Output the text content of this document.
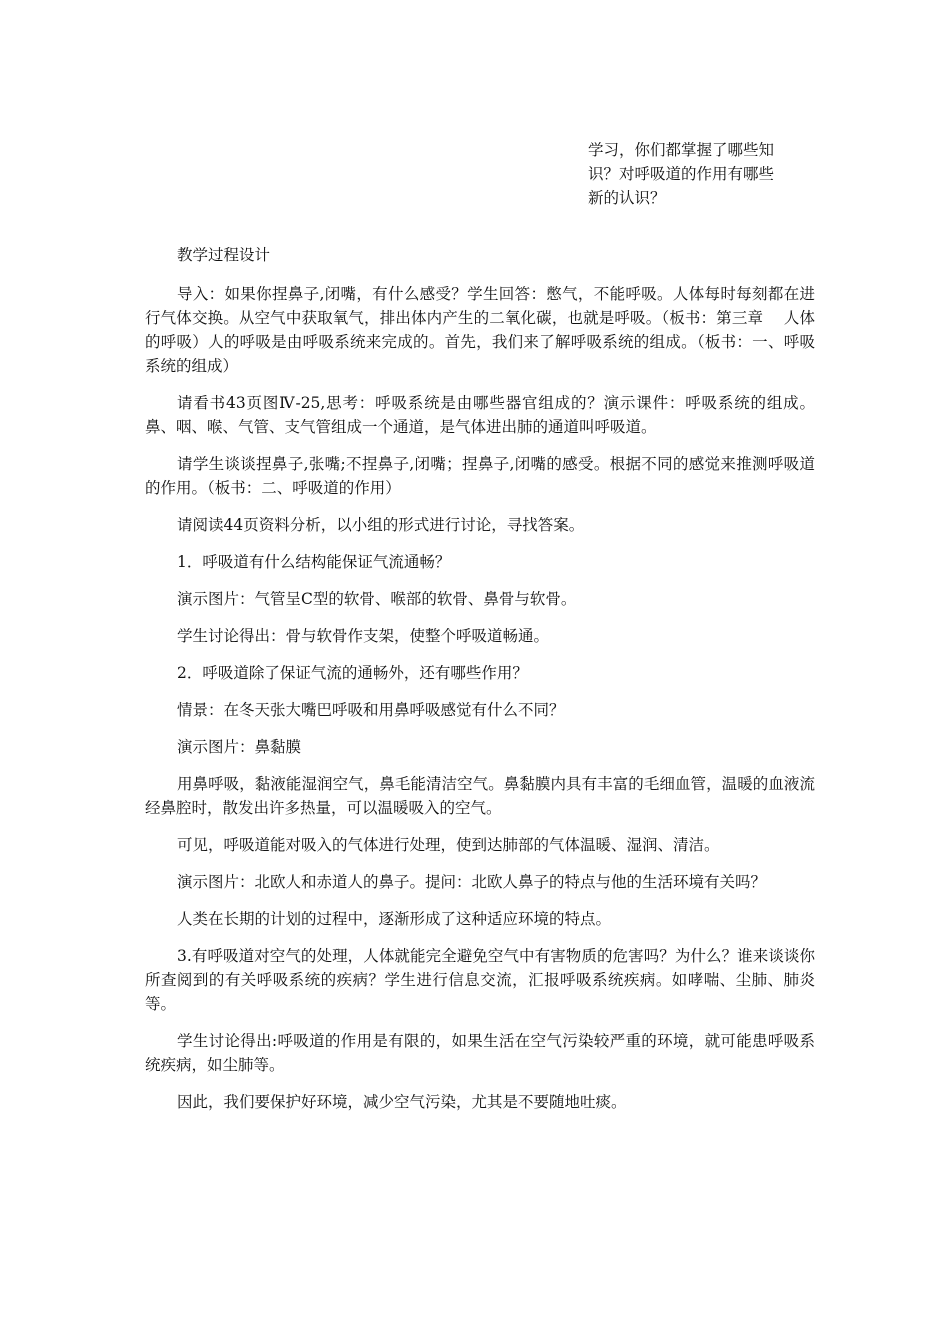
学习，你们都掌握了哪些知
识？对呼吸道的作用有哪些
新的认识？

教学过程设计

导入：如果你捏鼻子,闭嘴，有什么感受？学生回答：憋气，不能呼吸。人体每时每刻都在进行气体交换。从空气中获取氧气，排出体内产生的二氧化碳，也就是呼吸。（板书：第三章　 人体的呼吸）人的呼吸是由呼吸系统来完成的。首先，我们来了解呼吸系统的组成。（板书：一、呼吸系统的组成）

请看书43页图Ⅳ-25,思考：呼吸系统是由哪些器官组成的？演示课件：呼吸系统的组成。鼻、咽、喉、气管、支气管组成一个通道，是气体进出肺的通道叫呼吸道。

请学生谈谈捏鼻子,张嘴;不捏鼻子,闭嘴；捏鼻子,闭嘴的感受。根据不同的感觉来推测呼吸道的作用。（板书：二、呼吸道的作用）

请阅读44页资料分析，以小组的形式进行讨论，寻找答案。

1．呼吸道有什么结构能保证气流通畅？

演示图片：气管呈C型的软骨、喉部的软骨、鼻骨与软骨。

学生讨论得出：骨与软骨作支架，使整个呼吸道畅通。

2．呼吸道除了保证气流的通畅外，还有哪些作用？

情景：在冬天张大嘴巴呼吸和用鼻呼吸感觉有什么不同？

演示图片：鼻黏膜

用鼻呼吸，黏液能湿润空气，鼻毛能清洁空气。鼻黏膜内具有丰富的毛细血管，温暖的血液流经鼻腔时，散发出许多热量，可以温暖吸入的空气。

可见，呼吸道能对吸入的气体进行处理，使到达肺部的气体温暖、湿润、清洁。

演示图片：北欧人和赤道人的鼻子。提问：北欧人鼻子的特点与他的生活环境有关吗？

人类在长期的计划的过程中，逐渐形成了这种适应环境的特点。

3.有呼吸道对空气的处理，人体就能完全避免空气中有害物质的危害吗？为什么？谁来谈谈你所查阅到的有关呼吸系统的疾病？学生进行信息交流，汇报呼吸系统疾病。如哮喘、尘肺、肺炎等。

学生讨论得出:呼吸道的作用是有限的，如果生活在空气污染较严重的环境，就可能患呼吸系统疾病，如尘肺等。

因此，我们要保护好环境，减少空气污染，尤其是不要随地吐痰。
